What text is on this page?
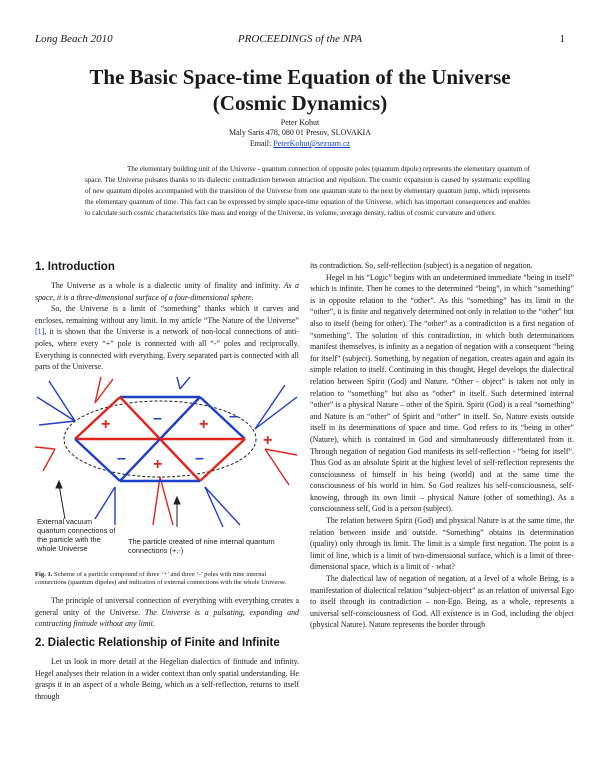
Long Beach 2010	PROCEEDINGS of the NPA	1
The Basic Space-time Equation of the Universe
(Cosmic Dynamics)
Peter Kohut
Maly Saris 478, 080 01 Presov, SLOVAKIA
Email: PeterKohut@seznam.cz
The elementary building unit of the Universe - quantum connection of opposite poles (quantum dipole) represents the elementary quantum of space. The Universe pulsates thanks to its dialectic contradiction between attraction and repulsion. The cosmic expansion is caused by systematic expelling of new quantum dipoles accompanied with the transition of the Universe from one quantum state to the next by elementary quantum jump, which represents the elementary quantum of time. This fact can be expressed by simple space-time equation of the Universe, which has important consequences and enables to calculate such cosmic characteristics like mass and energy of the Universe, its volume, average density, radius of cosmic curvature and others.
1. Introduction
The Universe as a whole is a dialectic unity of finality and infinity. As a space, it is a three-dimensional surface of a four-dimensional sphere.
So, the Universe is a limit of “something” thanks which it curves and encloses, remaining without any limit. In my article “The Nature of the Universe” [1], it is shown that the Universe is a network of non-local connections of anti-poles, where every “+” pole is connected with all “-” poles and reciprocally. Everything is connected with everything. Every separated part is connected with all parts of the Universe.
+	+
+
+
–	–
–	–
External vacuum quantum connections of the particle with the whole Universe
The particle created of nine internal quantum connections (+,-)
Fig. 1. Scheme of a particle compound of three ‘+’ and three ‘-’ poles with nine internal connections (quantum dipoles) and indication of external connections with the whole Universe.
The principle of universal connection of everything with everything creates a general unity of the Universe. The Universe is a pulsating, expanding and contracting finitude without any limit.
2. Dialectic Relationship of Finite and Infinite
Let us look in more detail at the Hegelian dialectics of finitude and infinity. Hegel analyses their relation in a wider context than only spatial understanding. He grasps it in an aspect of a whole Being, which as a self-reflection, returns to itself through
its contradiction. So, self-reflection (subject) is a negation of negation.
Hegel in his “Logic” begins with an undetermined immediate “being in itself” which is infinite. Then he comes to the determined “being”, in which “something” is in opposite relation to the “other”. As this “something” has its limit in the “other”, it is finite and negatively determined not only in relation to the “other” but also to itself (being for other). The “other” as a contradiction is a first negation of “something”. The solution of this contradiction, in which both determinations manifest themselves, is infinity as a negation of negation with a consequent “being for itself” (subject). Something, by negation of negation, creates again and again its simple relation to itself. Continuing in this thought, Hegel develops the dialectical relation between Spirit (God) and Nature. “Other - object” is taken not only in relation to “something” but also as “other” in itself. Such determined internal “other” is a physical Nature – other of the Spirit. Spirit (God) is a real “something” and Nature is an “other” of Spirit and “other” in itself. So, Nature exists outside itself in its determinations of space and time. God refers to its “being in other” (Nature), which is contained in God and simultaneously differentiated from it. Through negation of negation God manifests its self-reflection - “being for itself”. Thus God as an absolute Spirit at the highest level of self-reflection represents the consciousness of himself in his being (world) and at the same time the consciousness of his world in him. So God realizes his self-consciousness, self-knowing, through its own limit – physical Nature (other of something). As a consciousness self, God is a person (subject).
The relation between Spirit (God) and physical Nature is at the same time, the relation between inside and outside. “Something” obtains its determination (quality) only through its limit. The limit is a simple first negation. The point is a limit of line, which is a limit of two-dimensional surface, which is a limit of three-dimensional space, which is a limit of - what?
The dialectical law of negation of negation, at a level of a whole Being, is a manifestation of dialectical relation “subject-object” as an relation of universal Ego to itself through its contradiction – non-Ego. Being, as a whole, represents a universal self-consciousness of God. All existence is in God, including the object (physical Nature). Nature represents the border through
